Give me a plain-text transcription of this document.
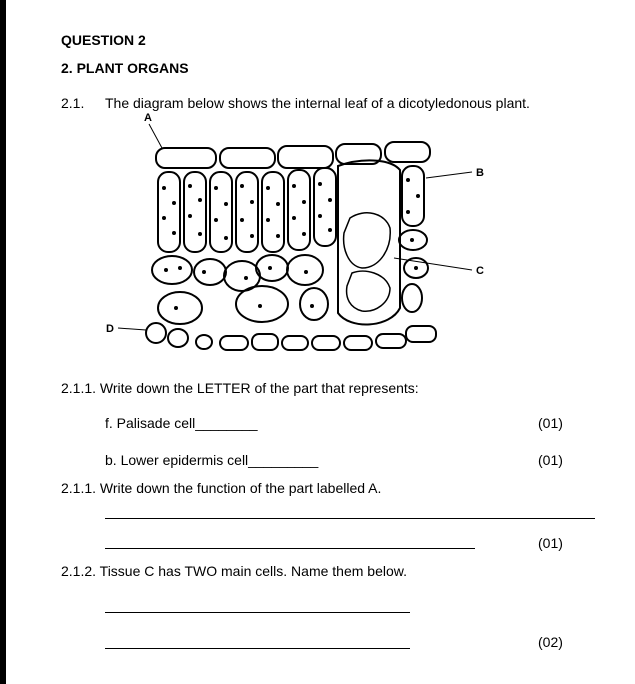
QUESTION 2
2. PLANT ORGANS
2.1. The diagram below shows the internal leaf of a dicotyledonous plant.
A
B
C
D
2.1.1. Write down the LETTER of the part that represents:
f. Palisade cell________	(01)
b. Lower epidermis cell_________	(01)
2.1.1. Write down the function of the part labelled A.
(01)
2.1.2. Tissue C has TWO main cells. Name them below.
(02)
